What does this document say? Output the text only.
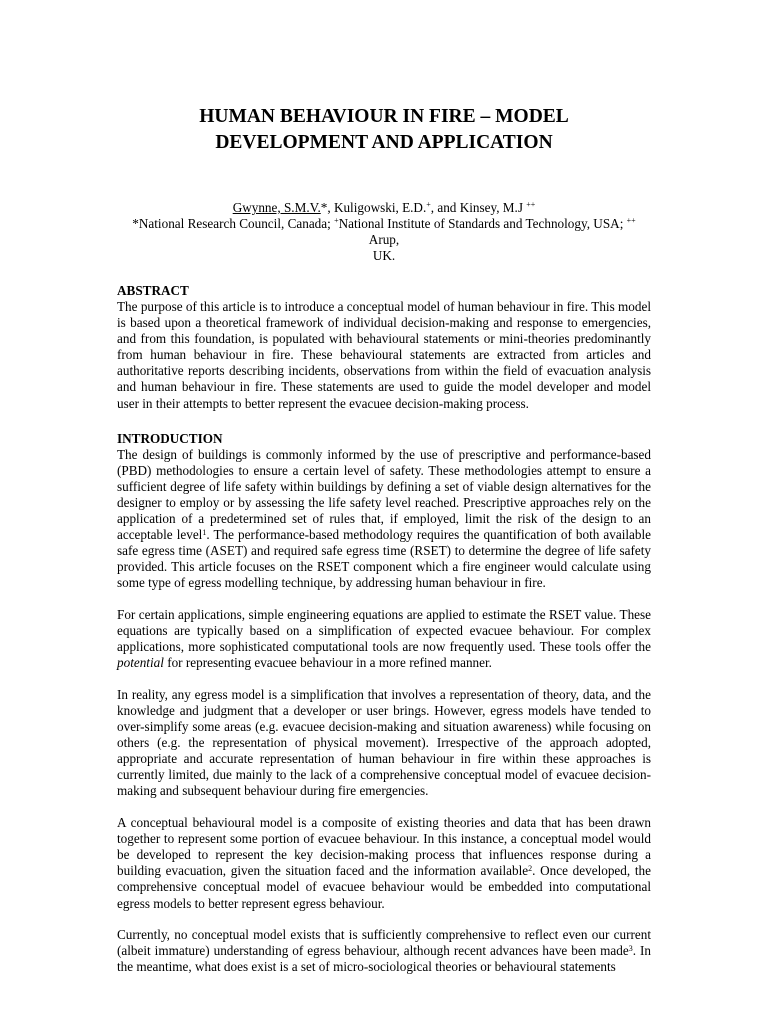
HUMAN BEHAVIOUR IN FIRE – MODEL
DEVELOPMENT AND APPLICATION
Gwynne, S.M.V.*, Kuligowski, E.D.+, and Kinsey, M.J ++
*National Research Council, Canada; +National Institute of Standards and Technology, USA; ++ Arup,
UK.
ABSTRACT

The purpose of this article is to introduce a conceptual model of human behaviour in fire. This model is based upon a theoretical framework of individual decision-making and response to emergencies, and from this foundation, is populated with behavioural statements or mini-theories predominantly from human behaviour in fire. These behavioural statements are extracted from articles and authoritative reports describing incidents, observations from within the field of evacuation analysis and human behaviour in fire. These statements are used to guide the model developer and model user in their attempts to better represent the evacuee decision-making process.

INTRODUCTION

The design of buildings is commonly informed by the use of prescriptive and performance-based (PBD) methodologies to ensure a certain level of safety. These methodologies attempt to ensure a sufficient degree of life safety within buildings by defining a set of viable design alternatives for the designer to employ or by assessing the life safety level reached. Prescriptive approaches rely on the application of a predetermined set of rules that, if employed, limit the risk of the design to an acceptable level$^1$. The performance-based methodology requires the quantification of both available safe egress time (ASET) and required safe egress time (RSET) to determine the degree of life safety provided. This article focuses on the RSET component which a fire engineer would calculate using some type of egress modelling technique, by addressing human behaviour in fire.

For certain applications, simple engineering equations are applied to estimate the RSET value. These equations are typically based on a simplification of expected evacuee behaviour. For complex applications, more sophisticated computational tools are now frequently used. These tools offer the potential for representing evacuee behaviour in a more refined manner.

In reality, any egress model is a simplification that involves a representation of theory, data, and the knowledge and judgment that a developer or user brings. However, egress models have tended to over-simplify some areas (e.g. evacuee decision-making and situation awareness) while focusing on others (e.g. the representation of physical movement). Irrespective of the approach adopted, appropriate and accurate representation of human behaviour in fire within these approaches is currently limited, due mainly to the lack of a comprehensive conceptual model of evacuee decision-making and subsequent behaviour during fire emergencies.

A conceptual behavioural model is a composite of existing theories and data that has been drawn together to represent some portion of evacuee behaviour. In this instance, a conceptual model would be developed to represent the key decision-making process that influences response during a building evacuation, given the situation faced and the information available$^2$. Once developed, the comprehensive conceptual model of evacuee behaviour would be embedded into computational egress models to better represent egress behaviour.

Currently, no conceptual model exists that is sufficiently comprehensive to reflect even our current (albeit immature) understanding of egress behaviour, although recent advances have been made$^3$. In the meantime, what does exist is a set of micro-sociological theories or behavioural statements
